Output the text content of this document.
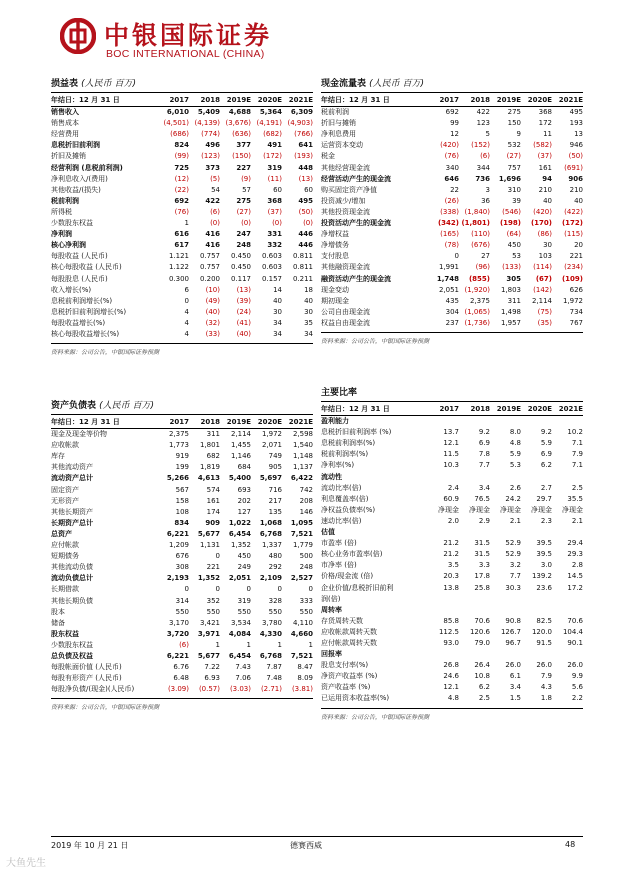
中银国际证券
BOC INTERNATIONAL (CHINA)
损益表 (人民币 百万)
年结日：12 月 31 日	2017	2018	2019E	2020E	2021E
销售收入	6,010	5,409	4,688	5,364	6,309
销售成本	(4,501)	(4,139)	(3,676)	(4,191)	(4,903)
经营费用	(686)	(774)	(636)	(682)	(766)
息税折旧前利润	824	496	377	491	641
折旧及摊销	(99)	(123)	(150)	(172)	(193)
经营利润 (息税前利润)	725	373	227	319	448
净利息收入/(费用)	(12)	(5)	(9)	(11)	(13)
其他收益/(损失)	(22)	54	57	60	60
税前利润	692	422	275	368	495
所得税	(76)	(6)	(27)	(37)	(50)
少数股东权益	1	(0)	(0)	(0)	(0)
净利润	616	416	247	331	446
核心净利润	617	416	248	332	446
每股收益 (人民币)	1.121	0.757	0.450	0.603	0.811
核心每股收益 (人民币)	1.122	0.757	0.450	0.603	0.811
每股股息 (人民币)	0.300	0.200	0.117	0.157	0.211
收入增长(%)	6	(10)	(13)	14	18
息税前利润增长(%)	0	(49)	(39)	40	40
息税折旧前利润增长(%)	4	(40)	(24)	30	30
每股收益增长(%)	4	(32)	(41)	34	35
核心每股收益增长(%)	4	(33)	(40)	34	34
资料来源：公司公告，中银国际证券预测
资产负债表 (人民币 百万)
年结日：12 月 31 日	2017	2018	2019E	2020E	2021E
现金及现金等价物	2,375	311	2,114	1,972	2,598
应收帐款	1,773	1,801	1,455	2,071	1,540
库存	919	682	1,146	749	1,148
其他流动资产	199	1,819	684	905	1,137
流动资产总计	5,266	4,613	5,400	5,697	6,422
固定资产	567	574	693	716	742
无形资产	158	161	202	217	208
其他长期资产	108	174	127	135	146
长期资产总计	834	909	1,022	1,068	1,095
总资产	6,221	5,677	6,454	6,768	7,521
应付帐款	1,209	1,131	1,352	1,337	1,779
短期债务	676	0	450	480	500
其他流动负债	308	221	249	292	248
流动负债总计	2,193	1,352	2,051	2,109	2,527
长期借款	0	0	0	0	0
其他长期负债	314	352	319	328	333
股本	550	550	550	550	550
储备	3,170	3,421	3,534	3,780	4,110
股东权益	3,720	3,971	4,084	4,330	4,660
少数股东权益	(6)	1	1	1	1
总负债及权益	6,221	5,677	6,454	6,768	7,521
每股帐面价值 (人民币)	6.76	7.22	7.43	7.87	8.47
每股有形资产 (人民币)	6.48	6.93	7.06	7.48	8.09
每股净负债/(现金)(人民币)	(3.09)	(0.57)	(3.03)	(2.71)	(3.81)
资料来源：公司公告，中银国际证券预测
现金流量表 (人民币 百万)
年结日：12 月 31 日	2017	2018	2019E	2020E	2021E
税前利润	692	422	275	368	495
折旧与摊销	99	123	150	172	193
净利息费用	12	5	9	11	13
运营资本变动	(420)	(152)	532	(582)	946
税金	(76)	(6)	(27)	(37)	(50)
其他经营现金流	340	344	757	161	(691)
经营活动产生的现金流	646	736	1,696	94	906
购买固定资产净值	22	3	310	210	210
投资减少/增加	(26)	36	39	40	40
其他投资现金流	(338)	(1,840)	(546)	(420)	(422)
投资活动产生的现金流	(342)	(1,801)	(198)	(170)	(172)
净增权益	(165)	(110)	(64)	(86)	(115)
净增债务	(78)	(676)	450	30	20
支付股息	0	27	53	103	221
其他融资现金流	1,991	(96)	(133)	(114)	(234)
融资活动产生的现金流	1,748	(855)	305	(67)	(109)
现金变动	2,051	(1,920)	1,803	(142)	626
期初现金	435	2,375	311	2,114	1,972
公司自由现金流	304	(1,065)	1,498	(75)	734
权益自由现金流	237	(1,736)	1,957	(35)	767
资料来源：公司公告，中银国际证券预测
主要比率
年结日：12 月 31 日	2017	2018	2019E	2020E	2021E
盈利能力					
息税折旧前利润率 (%)	13.7	9.2	8.0	9.2	10.2
息税前利润率(%)	12.1	6.9	4.8	5.9	7.1
税前利润率(%)	11.5	7.8	5.9	6.9	7.9
净利率(%)	10.3	7.7	5.3	6.2	7.1
流动性					
流动比率(倍)	2.4	3.4	2.6	2.7	2.5
利息覆盖率(倍)	60.9	76.5	24.2	29.7	35.5
净权益负债率(%)	净现金	净现金	净现金	净现金	净现金
速动比率(倍)	2.0	2.9	2.1	2.3	2.1
估值					
市盈率 (倍)	21.2	31.5	52.9	39.5	29.4
核心业务市盈率(倍)	21.2	31.5	52.9	39.5	29.3
市净率 (倍)	3.5	3.3	3.2	3.0	2.8
价格/现金流 (倍)	20.3	17.8	7.7	139.2	14.5
企业价值/息税折旧前利	13.8	25.8	30.3	23.6	17.2
润(倍)					
周转率					
存货周转天数	85.8	70.6	90.8	82.5	70.6
应收帐款周转天数	112.5	120.6	126.7	120.0	104.4
应付帐款周转天数	93.0	79.0	96.7	91.5	90.1
回报率					
股息支付率(%)	26.8	26.4	26.0	26.0	26.0
净资产收益率 (%)	24.6	10.8	6.1	7.9	9.9
资产收益率 (%)	12.1	6.2	3.4	4.3	5.6
已运用资本收益率(%)	4.8	2.5	1.5	1.8	2.2
资料来源：公司公告，中银国际证券预测
2019 年 10 月 21 日	德赛西威	48
大鱼先生
